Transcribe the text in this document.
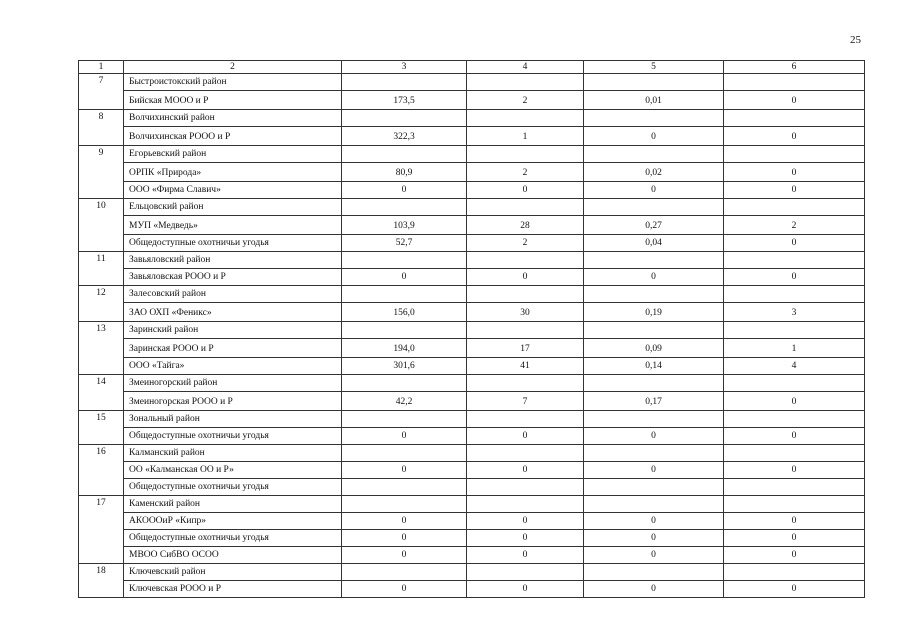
25
1	2	3	4	5	6
7	Быстроистокский район				
	Бийская МООО и Р	173,5	2	0,01	0
8	Волчихинский район				
	Волчихинская РООО и Р	322,3	1	0	0
9	Егорьевский район				
	ОРПК «Природа»	80,9	2	0,02	0
	ООО «Фирма Славич»	0	0	0	0
10	Ельцовский район				
	МУП «Медведь»	103,9	28	0,27	2
	Общедоступные охотничьи угодья	52,7	2	0,04	0
11	Завьяловский район				
	Завьяловская РООО и Р	0	0	0	0
12	Залесовский район				
	ЗАО ОХП «Феникс»	156,0	30	0,19	3
13	Заринский район				
	Заринская РООО и Р	194,0	17	0,09	1
	ООО «Тайга»	301,6	41	0,14	4
14	Змеиногорский район				
	Змеиногорская РООО и Р	42,2	7	0,17	0
15	Зональный район				
	Общедоступные охотничьи угодья	0	0	0	0
16	Калманский район				
	ОО «Калманская ОО и Р»	0	0	0	0
	Общедоступные охотничьи угодья				
17	Каменский район				
	АКОООиР «Кипр»	0	0	0	0
	Общедоступные охотничьи угодья	0	0	0	0
	МВОО СибВО ОСОО	0	0	0	0
18	Ключевский район				
	Ключевская РООО и Р	0	0	0	0
